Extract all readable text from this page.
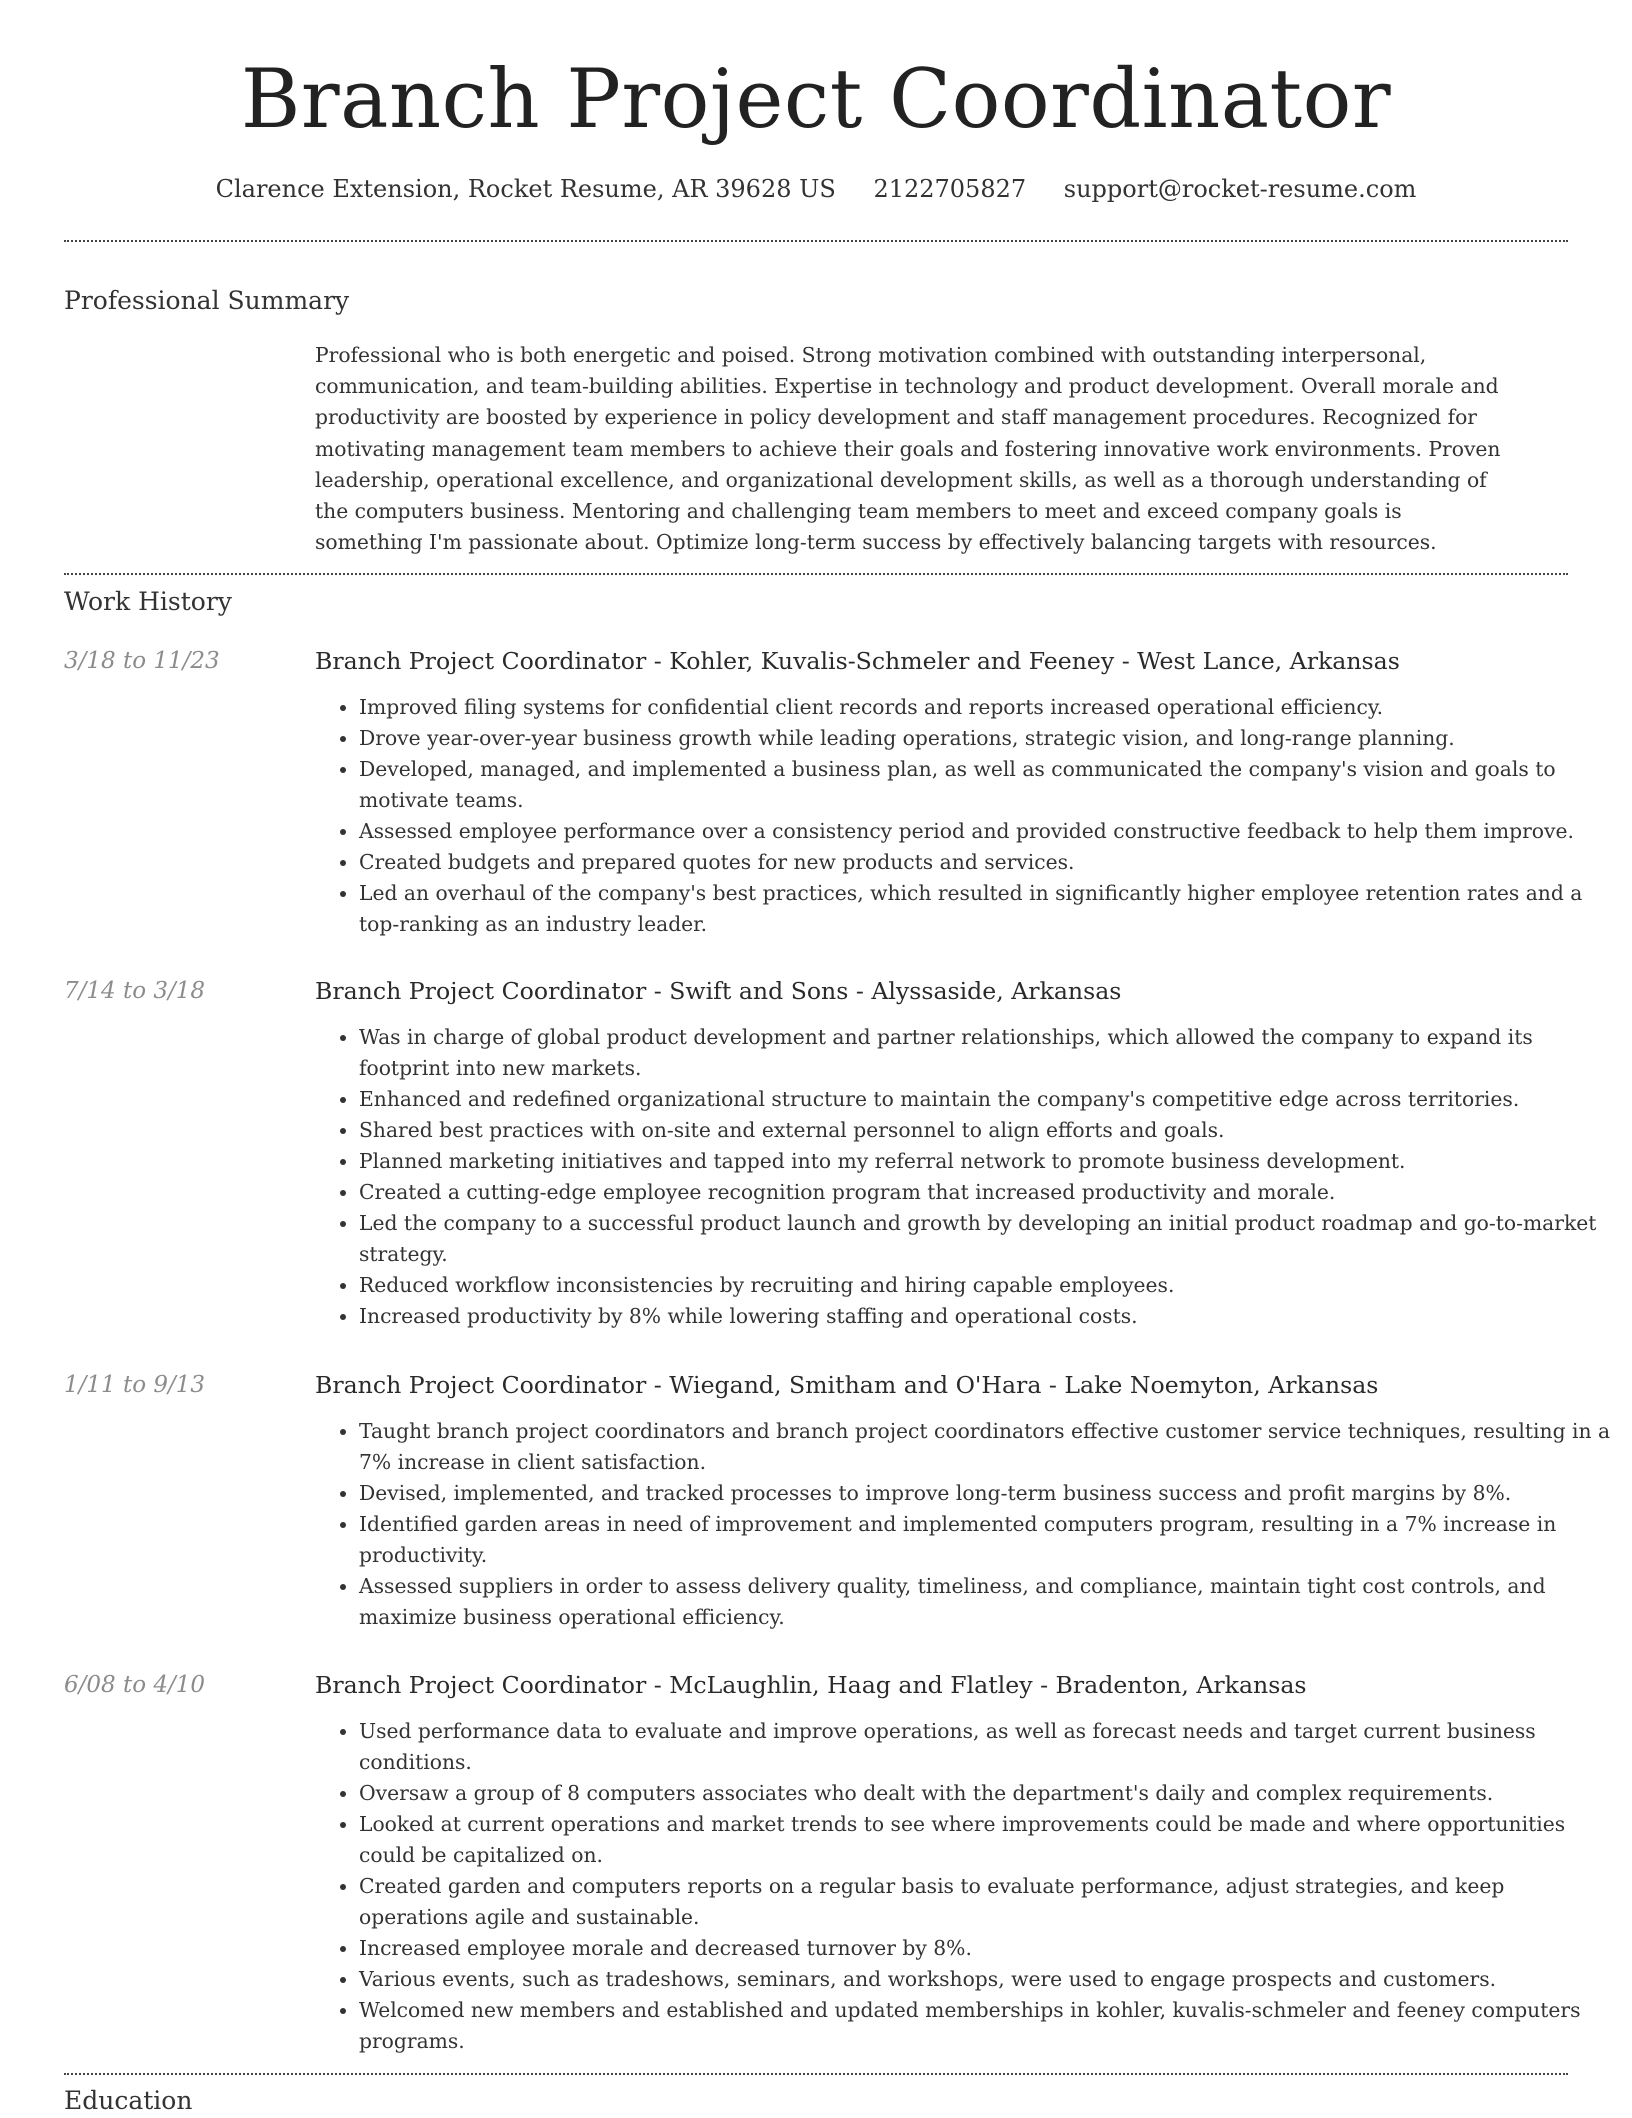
Branch Project Coordinator
Clarence Extension, Rocket Resume, AR 39628 US 2122705827 support@rocket-resume.com
Professional Summary

Professional who is both energetic and poised. Strong motivation combined with outstanding interpersonal, communication, and team-building abilities. Expertise in technology and product development. Overall morale and productivity are boosted by experience in policy development and staff management procedures. Recognized for motivating management team members to achieve their goals and fostering innovative work environments. Proven leadership, operational excellence, and organizational development skills, as well as a thorough understanding of the computers business. Mentoring and challenging team members to meet and exceed company goals is something I'm passionate about. Optimize long-term success by effectively balancing targets with resources.

Work History
3/18 to 11/23	Branch Project Coordinator - Kohler, Kuvalis-Schmeler and Feeney - West Lance, Arkansas
• Improved filing systems for confidential client records and reports increased operational efficiency.
• Drove year-over-year business growth while leading operations, strategic vision, and long-range planning.
• Developed, managed, and implemented a business plan, as well as communicated the company's vision and goals to motivate teams.
• Assessed employee performance over a consistency period and provided constructive feedback to help them improve.
• Created budgets and prepared quotes for new products and services.
• Led an overhaul of the company's best practices, which resulted in significantly higher employee retention rates and a top-ranking as an industry leader.
7/14 to 3/18	Branch Project Coordinator - Swift and Sons - Alyssaside, Arkansas
• Was in charge of global product development and partner relationships, which allowed the company to expand its footprint into new markets.
• Enhanced and redefined organizational structure to maintain the company's competitive edge across territories.
• Shared best practices with on-site and external personnel to align efforts and goals.
• Planned marketing initiatives and tapped into my referral network to promote business development.
• Created a cutting-edge employee recognition program that increased productivity and morale.
• Led the company to a successful product launch and growth by developing an initial product roadmap and go-to-market strategy.
• Reduced workflow inconsistencies by recruiting and hiring capable employees.
• Increased productivity by 8% while lowering staffing and operational costs.
1/11 to 9/13	Branch Project Coordinator - Wiegand, Smitham and O'Hara - Lake Noemyton, Arkansas
• Taught branch project coordinators and branch project coordinators effective customer service techniques, resulting in a 7% increase in client satisfaction.
• Devised, implemented, and tracked processes to improve long-term business success and profit margins by 8%.
• Identified garden areas in need of improvement and implemented computers program, resulting in a 7% increase in productivity.
• Assessed suppliers in order to assess delivery quality, timeliness, and compliance, maintain tight cost controls, and maximize business operational efficiency.
6/08 to 4/10	Branch Project Coordinator - McLaughlin, Haag and Flatley - Bradenton, Arkansas
• Used performance data to evaluate and improve operations, as well as forecast needs and target current business conditions.
• Oversaw a group of 8 computers associates who dealt with the department's daily and complex requirements.
• Looked at current operations and market trends to see where improvements could be made and where opportunities could be capitalized on.
• Created garden and computers reports on a regular basis to evaluate performance, adjust strategies, and keep operations agile and sustainable.
• Increased employee morale and decreased turnover by 8%.
• Various events, such as tradeshows, seminars, and workshops, were used to engage prospects and customers.
• Welcomed new members and established and updated memberships in kohler, kuvalis-schmeler and feeney computers programs.
Education
